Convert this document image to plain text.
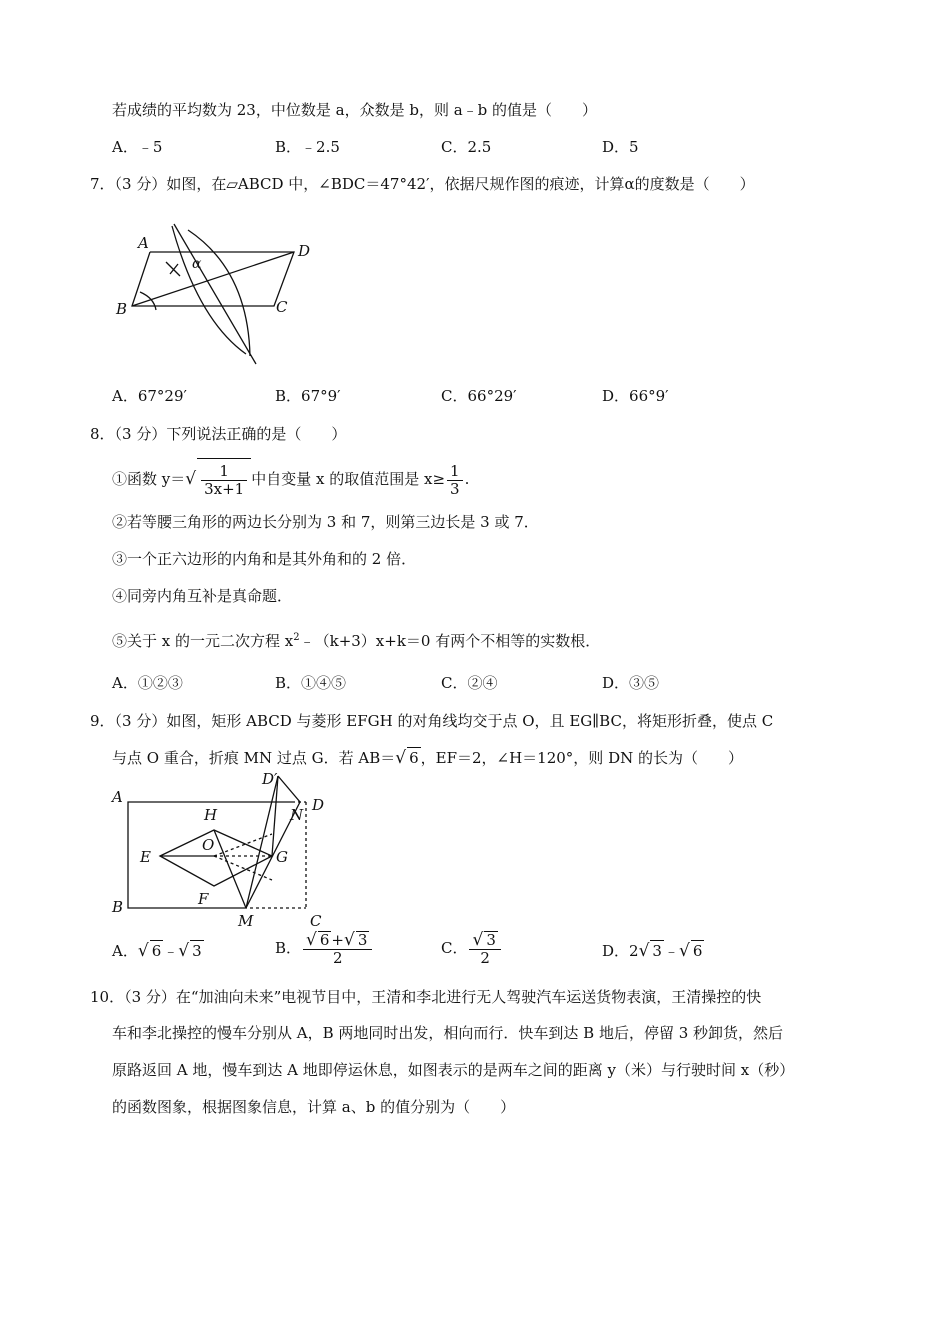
若成绩的平均数为 23，中位数是 a，众数是 b，则 a﹣b 的值是（　　）
A．﹣5	B．﹣2.5	C．2.5	D．5
7．（3 分）如图，在▱ABCD 中，∠BDC＝47°42′，依据尺规作图的痕迹，计算α的度数是（　　）
A
α
D
B	C
A．67°29′	B．67°9′	C．66°29′	D．66°9′
8．（3 分）下列说法正确的是（　　）
①函数 $y=√ \frac{1}{3x+1}$ 中自变量 x 的取值范围是 $x\ge \frac{1}{3}$ .
②若等腰三角形的两边长分别为 3 和 7，则第三边长是 3 或 7．
③一个正六边形的内角和是其外角和的 2 倍．
④同旁内角互补是真命题．
⑤关于 x 的一元二次方程 $x^2﹣(k+3)x+k=0$ 有两个不相等的实数根．
A．①②③	B．①④⑤	C．②④	D．③⑤
9．（3 分）如图，矩形 ABCD 与菱形 EFGH 的对角线均交于点 O，且 EG∥BC，将矩形折叠，使点 C
与点 O 重合，折痕 MN 过点 G．若 AB＝√ 6 ，EF＝2，∠H＝120°，则 DN 的长为（　　）
A
D′
D
N
H
O
E	G
F
B
M	C
A．√ 6 ﹣√ 3	B． $\frac{√ 6 +√ 3}{2}$	C． $\frac{√ 3}{2}$	D．2√ 3 ﹣√ 6
10．（3 分）在“加油向未来”电视节目中，王清和李北进行无人驾驶汽车运送货物表演，王清操控的快
车和李北操控的慢车分别从 A，B 两地同时出发，相向而行．快车到达 B 地后，停留 3 秒卸货，然后
原路返回 A 地，慢车到达 A 地即停运休息，如图表示的是两车之间的距离 y（米）与行驶时间 x（秒）
的函数图象，根据图象信息，计算 a、b 的值分别为（　　）
